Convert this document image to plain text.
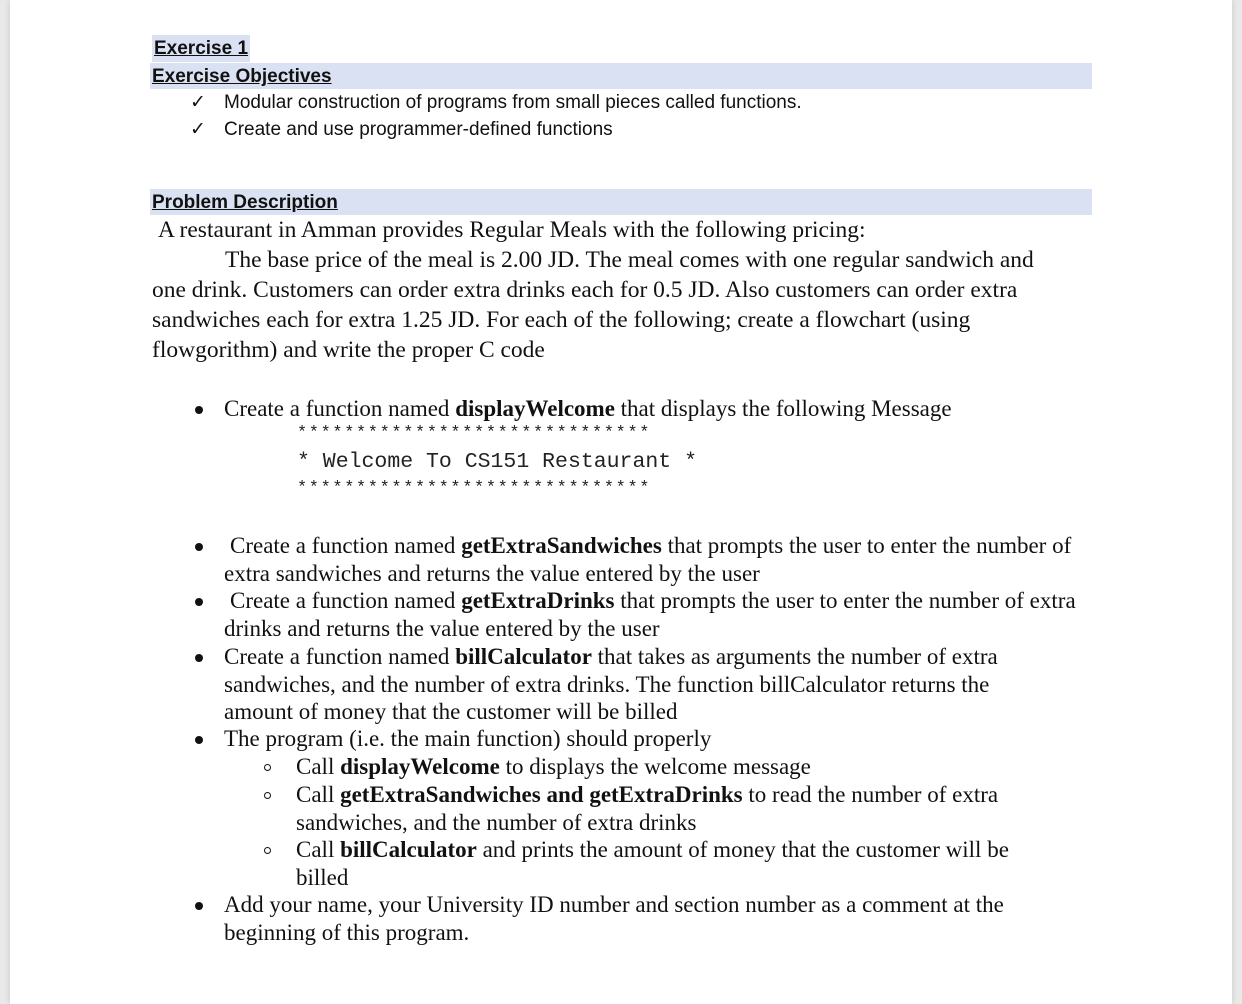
Exercise 1
Exercise Objectives
✓ Modular construction of programs from small pieces called functions.
✓ Create and use programmer-defined functions
Problem Description
A restaurant in Amman provides Regular Meals with the following pricing:
The base price of the meal is 2.00 JD. The meal comes with one regular sandwich and one drink. Customers can order extra drinks each for 0.5 JD. Also customers can order extra sandwiches each for extra 1.25 JD. For each of the following; create a flowchart (using flowgorithm) and write the proper C code
Create a function named displayWelcome that displays the following Message
******************************
* Welcome To CS151 Restaurant *
******************************
Create a function named getExtraSandwiches that prompts the user to enter the number of extra sandwiches and returns the value entered by the user
Create a function named getExtraDrinks that prompts the user to enter the number of extra drinks and returns the value entered by the user
Create a function named billCalculator that takes as arguments the number of extra sandwiches, and the number of extra drinks. The function billCalculator returns the amount of money that the customer will be billed
The program (i.e. the main function) should properly
Call displayWelcome to displays the welcome message
Call getExtraSandwiches and getExtraDrinks to read the number of extra sandwiches, and the number of extra drinks
Call billCalculator and prints the amount of money that the customer will be billed
Add your name, your University ID number and section number as a comment at the beginning of this program.
